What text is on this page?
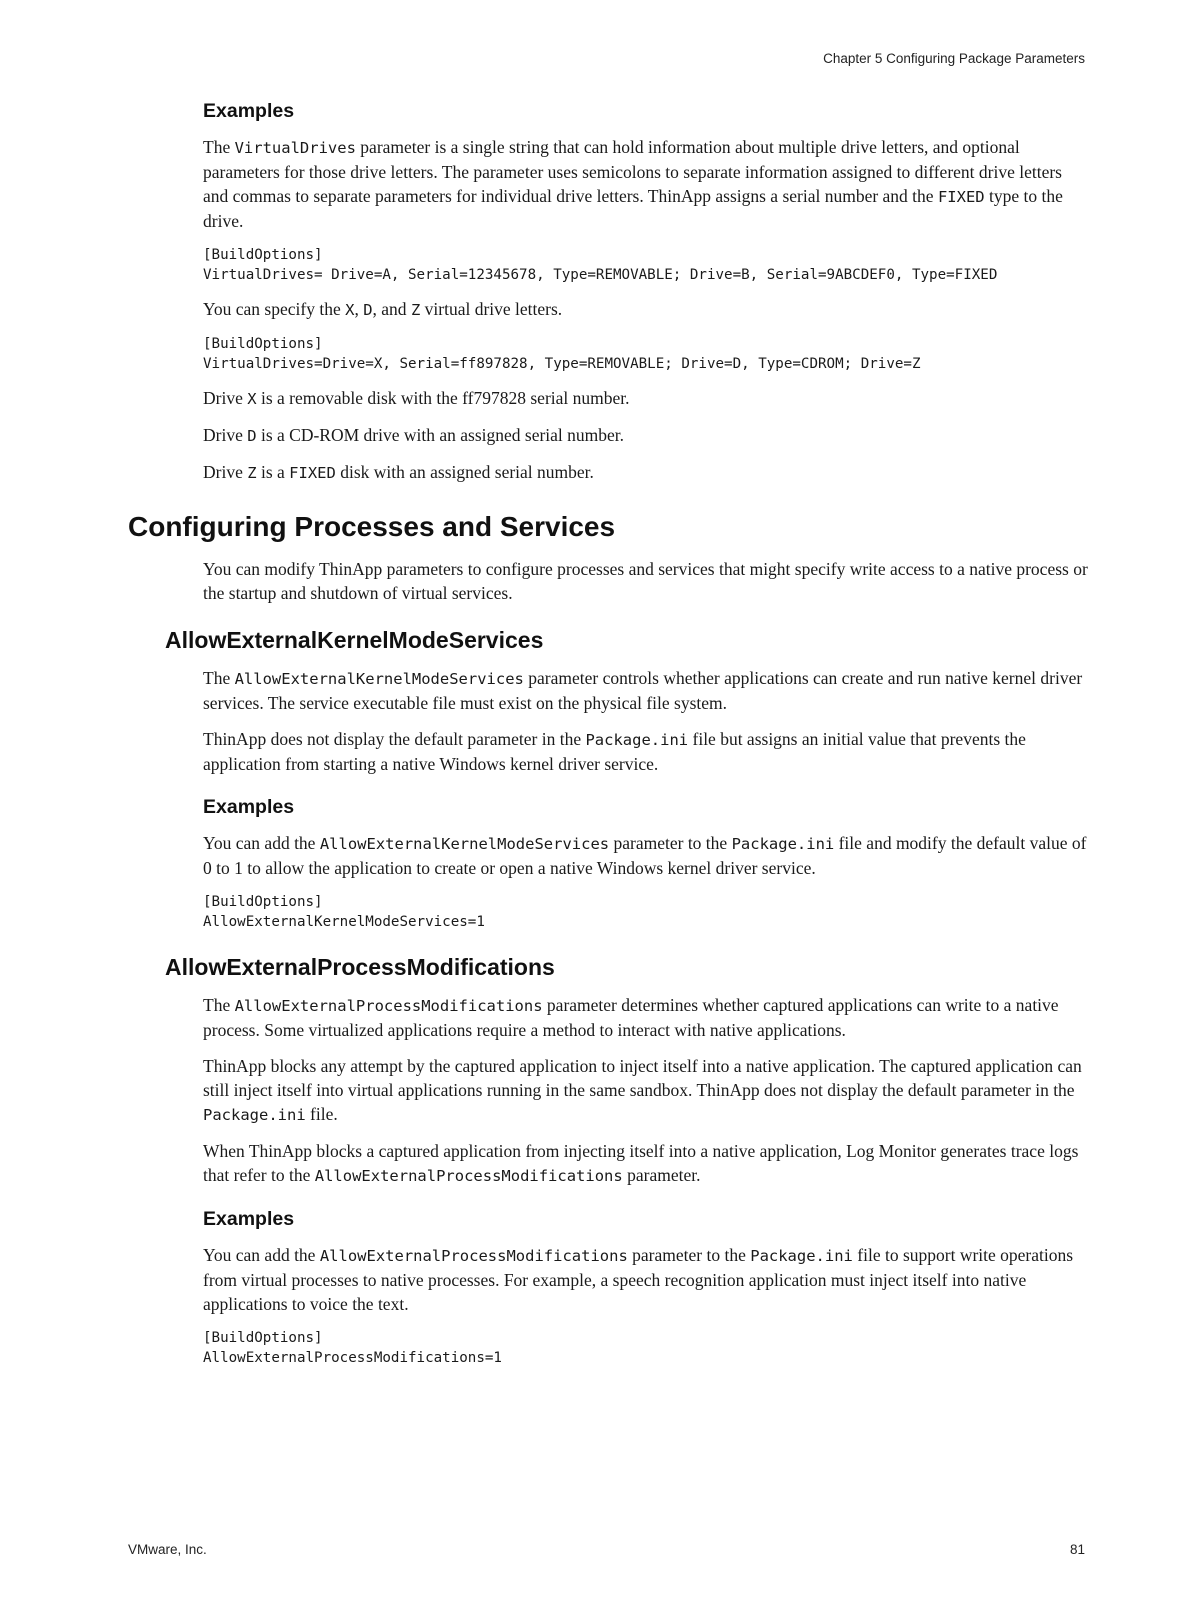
Chapter 5 Configuring Package Parameters
Examples

The VirtualDrives parameter is a single string that can hold information about multiple drive letters, and optional parameters for those drive letters. The parameter uses semicolons to separate information assigned to different drive letters and commas to separate parameters for individual drive letters. ThinApp assigns a serial number and the FIXED type to the drive.

[BuildOptions]
VirtualDrives= Drive=A, Serial=12345678, Type=REMOVABLE; Drive=B, Serial=9ABCDEF0, Type=FIXED

You can specify the X, D, and Z virtual drive letters.

[BuildOptions]
VirtualDrives=Drive=X, Serial=ff897828, Type=REMOVABLE; Drive=D, Type=CDROM; Drive=Z

Drive X is a removable disk with the ff797828 serial number.

Drive D is a CD-ROM drive with an assigned serial number.

Drive Z is a FIXED disk with an assigned serial number.

Configuring Processes and Services

You can modify ThinApp parameters to configure processes and services that might specify write access to a native process or the startup and shutdown of virtual services.

AllowExternalKernelModeServices

The AllowExternalKernelModeServices parameter controls whether applications can create and run native kernel driver services. The service executable file must exist on the physical file system.

ThinApp does not display the default parameter in the Package.ini file but assigns an initial value that prevents the application from starting a native Windows kernel driver service.

Examples

You can add the AllowExternalKernelModeServices parameter to the Package.ini file and modify the default value of 0 to 1 to allow the application to create or open a native Windows kernel driver service.

[BuildOptions]
AllowExternalKernelModeServices=1
AllowExternalProcessModifications

The AllowExternalProcessModifications parameter determines whether captured applications can write to a native process. Some virtualized applications require a method to interact with native applications.

ThinApp blocks any attempt by the captured application to inject itself into a native application. The captured application can still inject itself into virtual applications running in the same sandbox. ThinApp does not display the default parameter in the Package.ini file.

When ThinApp blocks a captured application from injecting itself into a native application, Log Monitor generates trace logs that refer to the AllowExternalProcessModifications parameter.

Examples

You can add the AllowExternalProcessModifications parameter to the Package.ini file to support write operations from virtual processes to native processes. For example, a speech recognition application must inject itself into native applications to voice the text.

[BuildOptions]
AllowExternalProcessModifications=1
VMware, Inc.	81
